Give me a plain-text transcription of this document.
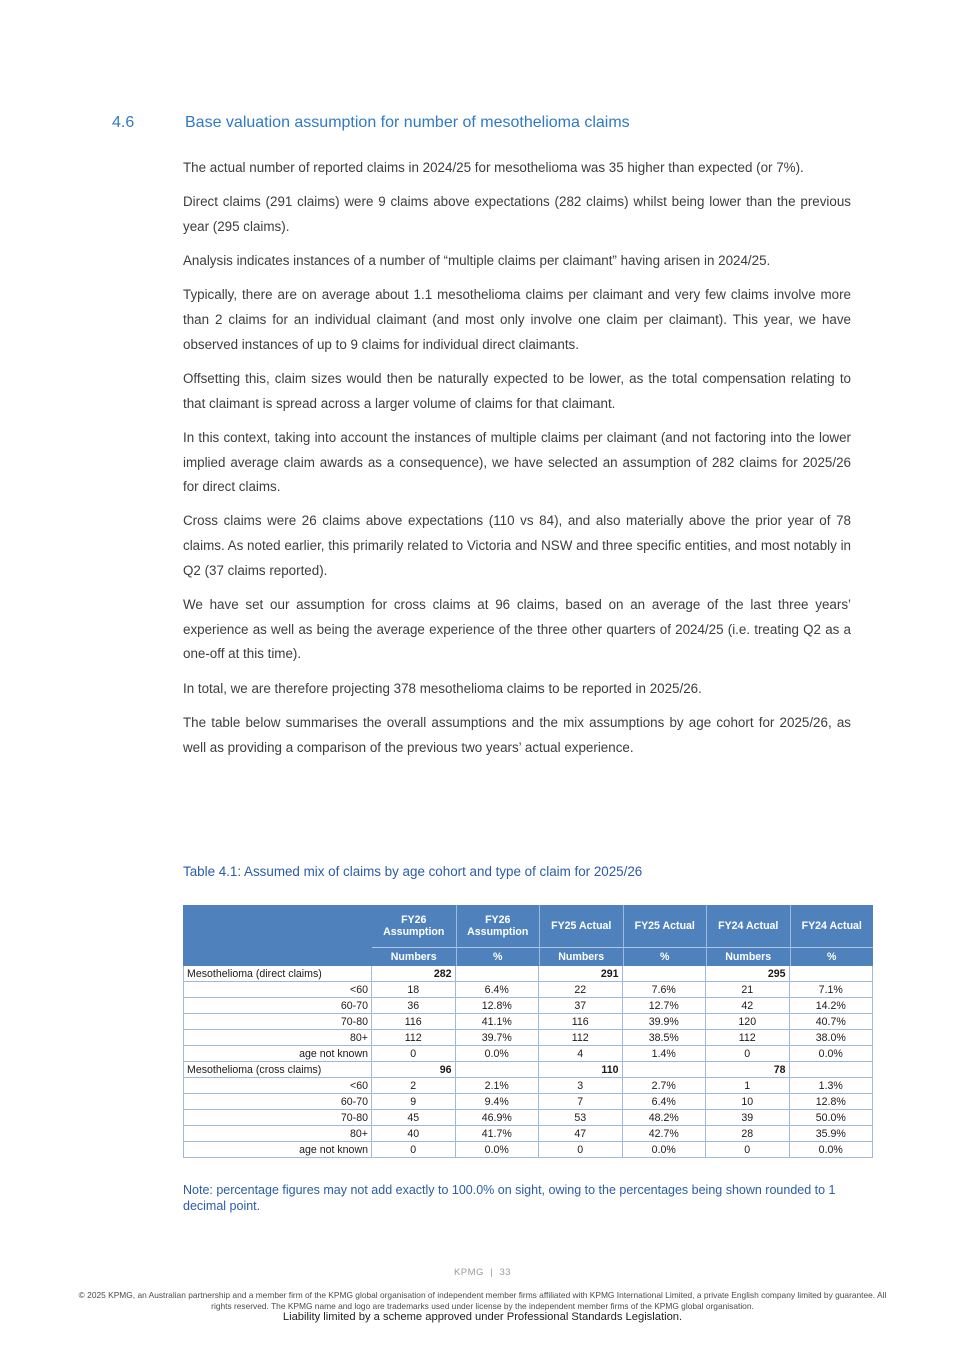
4.6	Base valuation assumption for number of mesothelioma claims

The actual number of reported claims in 2024/25 for mesothelioma was 35 higher than expected (or 7%).

Direct claims (291 claims) were 9 claims above expectations (282 claims) whilst being lower than the previous year (295 claims).

Analysis indicates instances of a number of “multiple claims per claimant” having arisen in 2024/25.

Typically, there are on average about 1.1 mesothelioma claims per claimant and very few claims involve more than 2 claims for an individual claimant (and most only involve one claim per claimant). This year, we have observed instances of up to 9 claims for individual direct claimants.

Offsetting this, claim sizes would then be naturally expected to be lower, as the total compensation relating to that claimant is spread across a larger volume of claims for that claimant.

In this context, taking into account the instances of multiple claims per claimant (and not factoring into the lower implied average claim awards as a consequence), we have selected an assumption of 282 claims for 2025/26 for direct claims.

Cross claims were 26 claims above expectations (110 vs 84), and also materially above the prior year of 78 claims. As noted earlier, this primarily related to Victoria and NSW and three specific entities, and most notably in Q2 (37 claims reported).

We have set our assumption for cross claims at 96 claims, based on an average of the last three years’ experience as well as being the average experience of the three other quarters of 2024/25 (i.e. treating Q2 as a one-off at this time).

In total, we are therefore projecting 378 mesothelioma claims to be reported in 2025/26.

The table below summarises the overall assumptions and the mix assumptions by age cohort for 2025/26, as well as providing a comparison of the previous two years’ actual experience.

Table 4.1: Assumed mix of claims by age cohort and type of claim for 2025/26
	FY26 Assumption	FY26 Assumption	FY25 Actual	FY25 Actual	FY24 Actual	FY24 Actual
	Numbers	%	Numbers	%	Numbers	%
Mesothelioma (direct claims)	282		291		295	
<60	18	6.4%	22	7.6%	21	7.1%
60-70	36	12.8%	37	12.7%	42	14.2%
70-80	116	41.1%	116	39.9%	120	40.7%
80+	112	39.7%	112	38.5%	112	38.0%
age not known	0	0.0%	4	1.4%	0	0.0%
Mesothelioma (cross claims)	96		110		78	
<60	2	2.1%	3	2.7%	1	1.3%
60-70	9	9.4%	7	6.4%	10	12.8%
70-80	45	46.9%	53	48.2%	39	50.0%
80+	40	41.7%	47	42.7%	28	35.9%
age not known	0	0.0%	0	0.0%	0	0.0%
Note: percentage figures may not add exactly to 100.0% on sight, owing to the percentages being shown rounded to 1 decimal point.
KPMG | 33
© 2025 KPMG, an Australian partnership and a member firm of the KPMG global organisation of independent member firms affiliated with KPMG International Limited, a private English company limited by guarantee. All rights reserved. The KPMG name and logo are trademarks used under license by the independent member firms of the KPMG global organisation.
Liability limited by a scheme approved under Professional Standards Legislation.
